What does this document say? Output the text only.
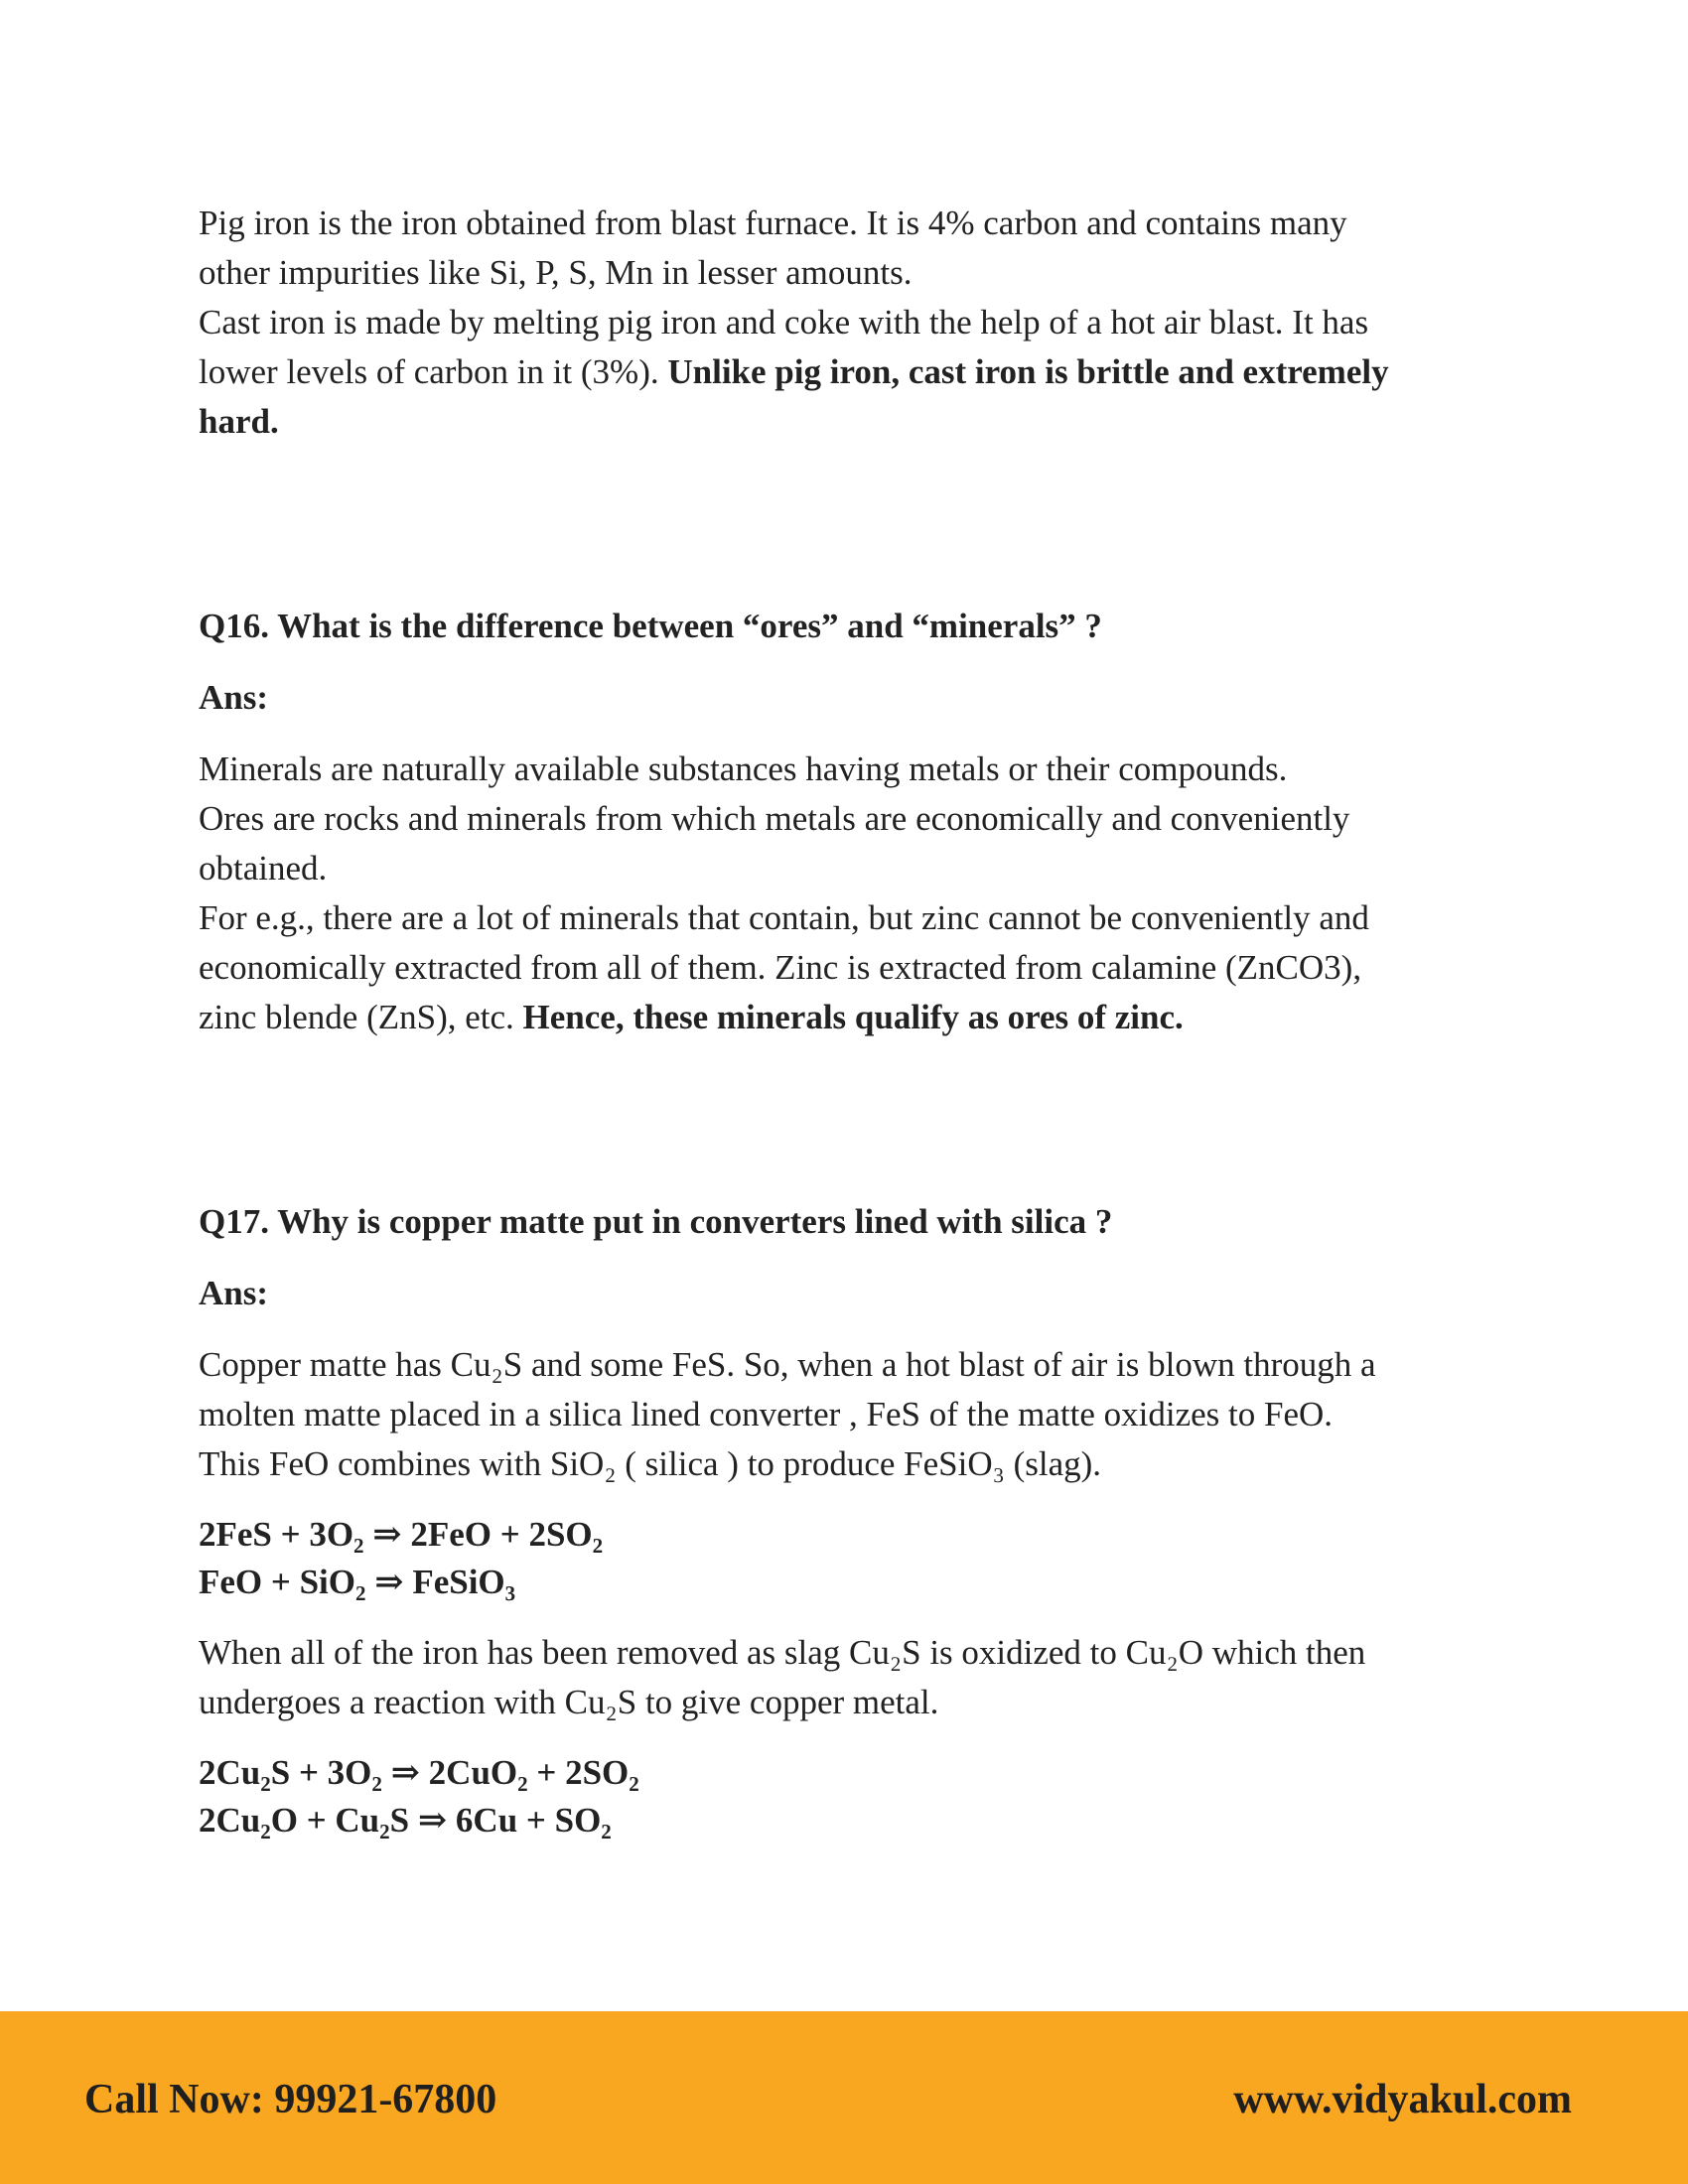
Pig iron is the iron obtained from blast furnace. It is 4% carbon and contains many

other impurities like Si, P, S, Mn in lesser amounts.

Cast iron is made by melting pig iron and coke with the help of a hot air blast. It has

lower levels of carbon in it (3%). Unlike pig iron, cast iron is brittle and extremely

hard.

Q16. What is the difference between “ores” and “minerals” ?

Ans:

Minerals are naturally available substances having metals or their compounds.

Ores are rocks and minerals from which metals are economically and conveniently

obtained.

For e.g., there are a lot of minerals that contain, but zinc cannot be conveniently and

economically extracted from all of them. Zinc is extracted from calamine (ZnCO3),

zinc blende (ZnS), etc. Hence, these minerals qualify as ores of zinc.

Q17. Why is copper matte put in converters lined with silica ?

Ans:

Copper matte has Cu₂S and some FeS. So, when a hot blast of air is blown through a

molten matte placed in a silica lined converter , FeS of the matte oxidizes to FeO.

This FeO combines with SiO₂ ( silica ) to produce FeSiO₃ (slag).

2FeS + 3O₂ ⇒ 2FeO + 2SO₂

FeO + SiO₂ ⇒ FeSiO₃

When all of the iron has been removed as slag Cu₂S is oxidized to Cu₂O which then

undergoes a reaction with Cu₂S to give copper metal.

2Cu₂S + 3O₂ ⇒ 2CuO₂ + 2SO₂

2Cu₂O + Cu₂S ⇒ 6Cu + SO₂

Call Now: 99921-67800	www.vidyakul.com
